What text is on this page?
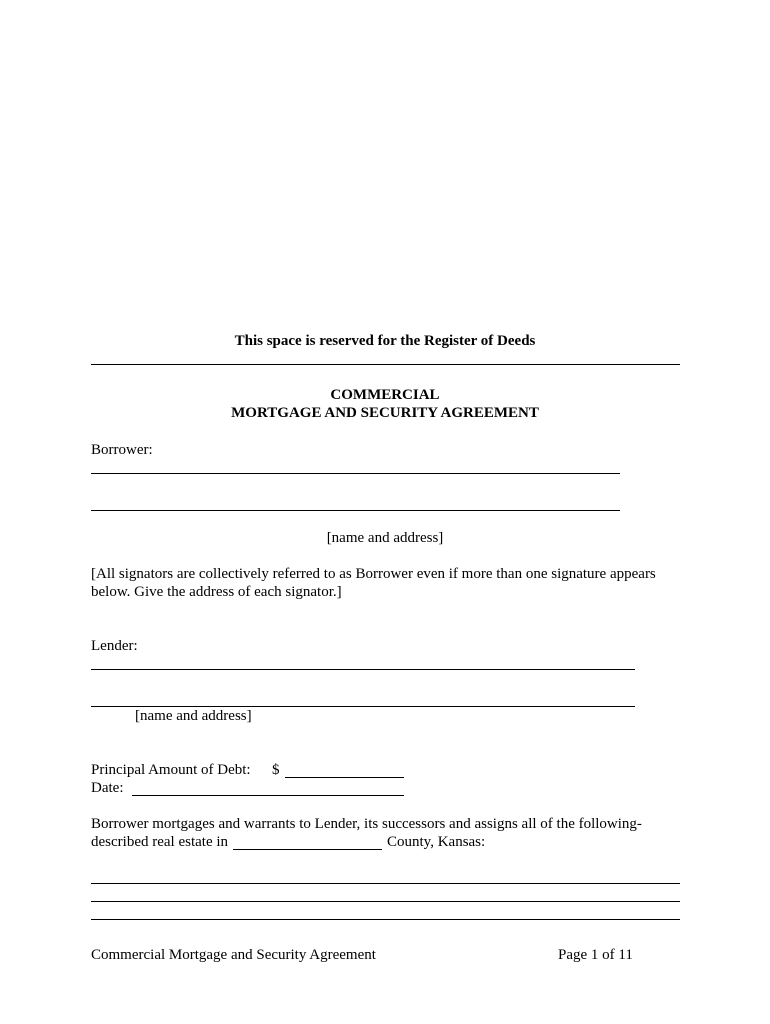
This space is reserved for the Register of Deeds
COMMERCIAL
MORTGAGE AND SECURITY AGREEMENT
Borrower:
[name and address]
[All signators are collectively referred to as Borrower even if more than one signature appears
below. Give the address of each signator.]
Lender:
[name and address]
Principal Amount of Debt: $
Date:
Borrower mortgages and warrants to Lender, its successors and assigns all of the following-
described real estate in	County, Kansas:
Commercial Mortgage and Security Agreement	Page 1 of 11
